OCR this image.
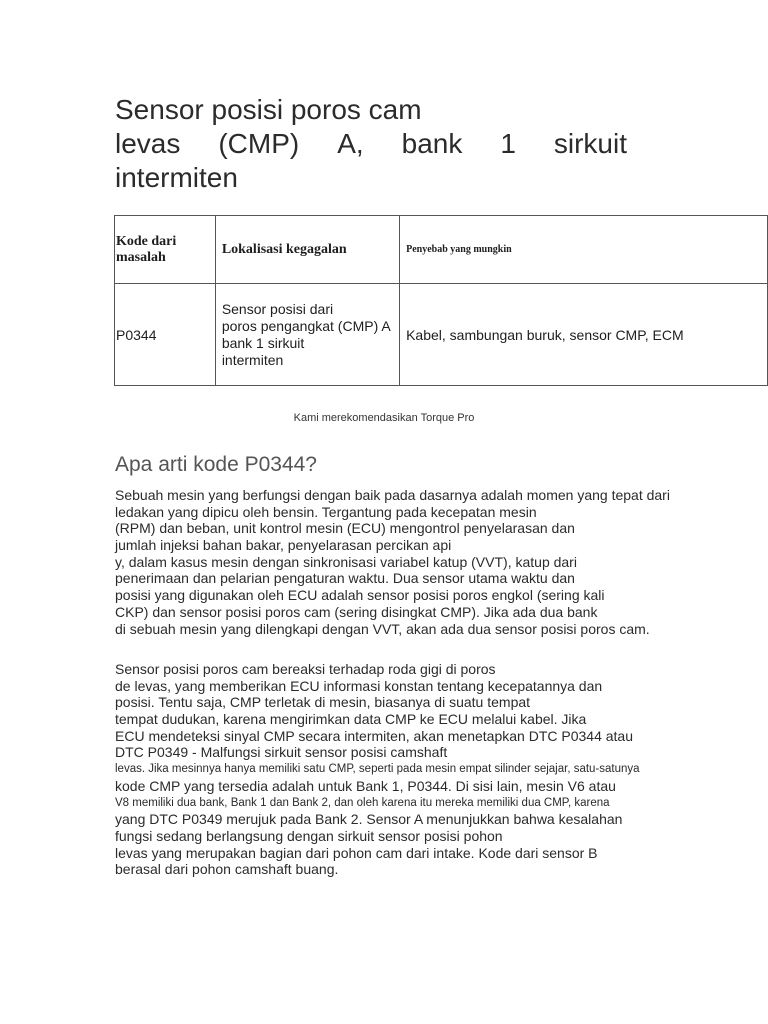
Sensor posisi poros cam
levas (CMP) A, bank 1 sirkuit
intermiten
Kode dari masalah	Lokalisasi kegagalan	Penyebab yang mungkin
P0344	Sensor posisi dari
poros pengangkat (CMP) A
bank 1 sirkuit
intermiten	Kabel, sambungan buruk, sensor CMP, ECM
Kami merekomendasikan Torque Pro
Apa arti kode P0344?
Sebuah mesin yang berfungsi dengan baik pada dasarnya adalah momen yang tepat dari
ledakan yang dipicu oleh bensin. Tergantung pada kecepatan mesin
(RPM) dan beban, unit kontrol mesin (ECU) mengontrol penyelarasan dan
jumlah injeksi bahan bakar, penyelarasan percikan api
y, dalam kasus mesin dengan sinkronisasi variabel katup (VVT), katup dari
penerimaan dan pelarian pengaturan waktu. Dua sensor utama waktu dan
posisi yang digunakan oleh ECU adalah sensor posisi poros engkol (sering kali
CKP) dan sensor posisi poros cam (sering disingkat CMP). Jika ada dua bank
di sebuah mesin yang dilengkapi dengan VVT, akan ada dua sensor posisi poros cam.
Sensor posisi poros cam bereaksi terhadap roda gigi di poros
de levas, yang memberikan ECU informasi konstan tentang kecepatannya dan
posisi. Tentu saja, CMP terletak di mesin, biasanya di suatu tempat
tempat dudukan, karena mengirimkan data CMP ke ECU melalui kabel. Jika
ECU mendeteksi sinyal CMP secara intermiten, akan menetapkan DTC P0344 atau
DTC P0349 - Malfungsi sirkuit sensor posisi camshaft
levas. Jika mesinnya hanya memiliki satu CMP, seperti pada mesin empat silinder sejajar, satu-satunya
kode CMP yang tersedia adalah untuk Bank 1, P0344. Di sisi lain, mesin V6 atau
V8 memiliki dua bank, Bank 1 dan Bank 2, dan oleh karena itu mereka memiliki dua CMP, karena
yang DTC P0349 merujuk pada Bank 2. Sensor A menunjukkan bahwa kesalahan
fungsi sedang berlangsung dengan sirkuit sensor posisi pohon
levas yang merupakan bagian dari pohon cam dari intake. Kode dari sensor B
berasal dari pohon camshaft buang.
